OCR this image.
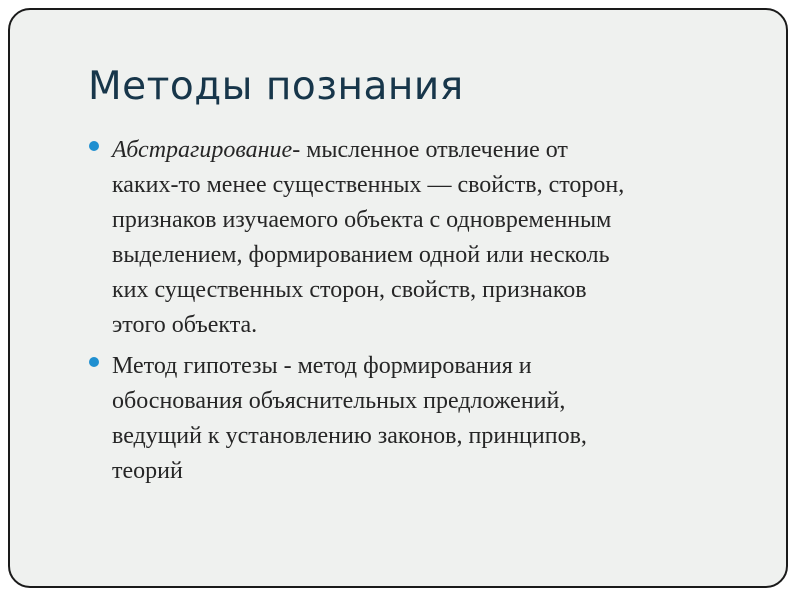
Методы познания
Абстрагирование- мысленное отвлечение от
каких-то менее существенных — свойств, сторон,
признаков изучаемого объекта с одновременным
выделением, формированием одной или несколь
ких существенных сторон, свойств, признаков
этого объекта.
Метод гипотезы - метод формирования и
обоснования объяснительных предложений,
ведущий к установлению законов, принципов,
теорий
